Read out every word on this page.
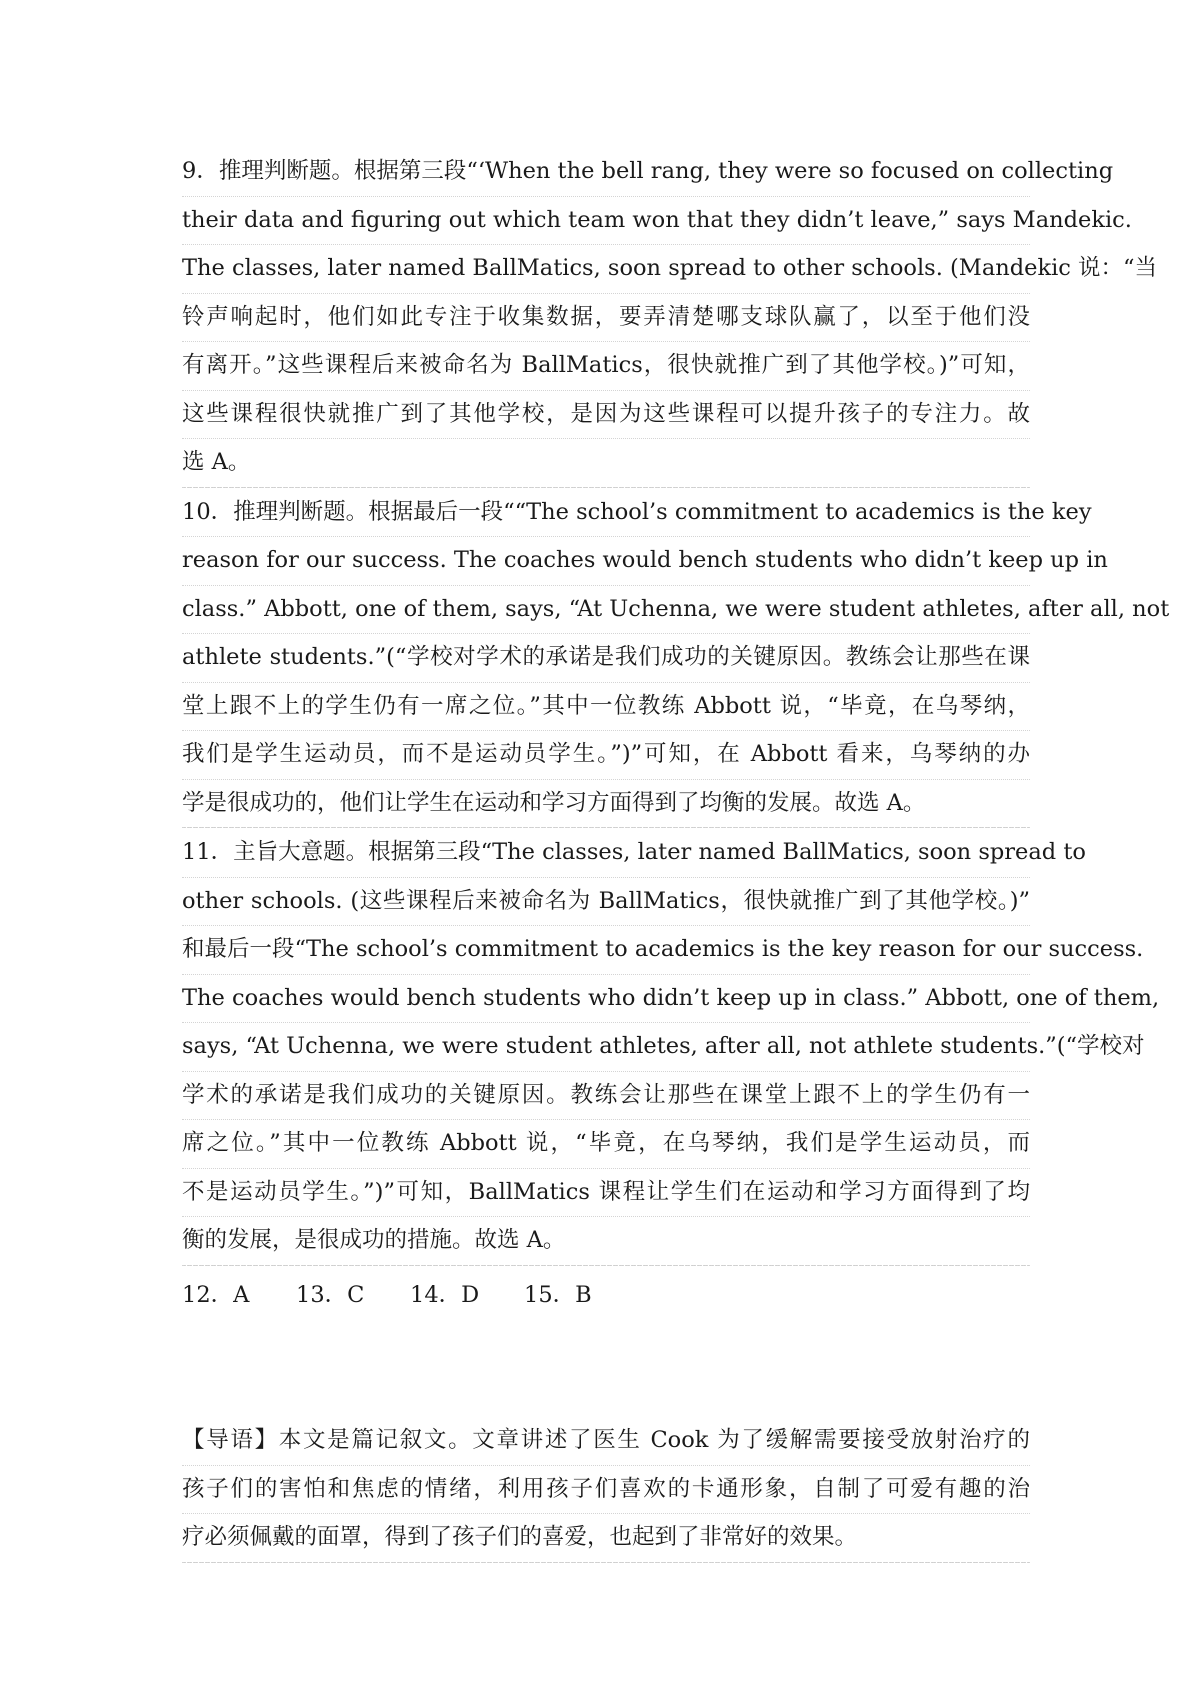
9．推理判断题。根据第三段“‘When the bell rang, they were so focused on collecting
their data and figuring out which team won that they didn’t leave,” says Mandekic.
The classes, later named BallMatics, soon spread to other schools. (Mandekic 说：“当
铃声响起时，他们如此专注于收集数据，要弄清楚哪支球队赢了，以至于他们没
有离开。”这些课程后来被命名为 BallMatics，很快就推广到了其他学校。)”可知，
这些课程很快就推广到了其他学校，是因为这些课程可以提升孩子的专注力。故
选 A。
10．推理判断题。根据最后一段““The school’s commitment to academics is the key
reason for our success. The coaches would bench students who didn’t keep up in
class.” Abbott, one of them, says, “At Uchenna, we were student athletes, after all, not
athlete students.”(“学校对学术的承诺是我们成功的关键原因。教练会让那些在课
堂上跟不上的学生仍有一席之位。”其中一位教练 Abbott 说，“毕竟，在乌琴纳，
我们是学生运动员，而不是运动员学生。”)”可知，在 Abbott 看来，乌琴纳的办
学是很成功的，他们让学生在运动和学习方面得到了均衡的发展。故选 A。
11．主旨大意题。根据第三段“The classes, later named BallMatics, soon spread to
other schools. (这些课程后来被命名为 BallMatics，很快就推广到了其他学校。)”
和最后一段“The school’s commitment to academics is the key reason for our success.
The coaches would bench students who didn’t keep up in class.” Abbott, one of them,
says, “At Uchenna, we were student athletes, after all, not athlete students.”(“学校对
学术的承诺是我们成功的关键原因。教练会让那些在课堂上跟不上的学生仍有一
席之位。”其中一位教练 Abbott 说，“毕竟，在乌琴纳，我们是学生运动员，而
不是运动员学生。”)”可知，BallMatics 课程让学生们在运动和学习方面得到了均
衡的发展，是很成功的措施。故选 A。
12．A	13．C	14．D	15．B
【导语】本文是篇记叙文。文章讲述了医生 Cook 为了缓解需要接受放射治疗的
孩子们的害怕和焦虑的情绪，利用孩子们喜欢的卡通形象，自制了可爱有趣的治
疗必须佩戴的面罩，得到了孩子们的喜爱，也起到了非常好的效果。
